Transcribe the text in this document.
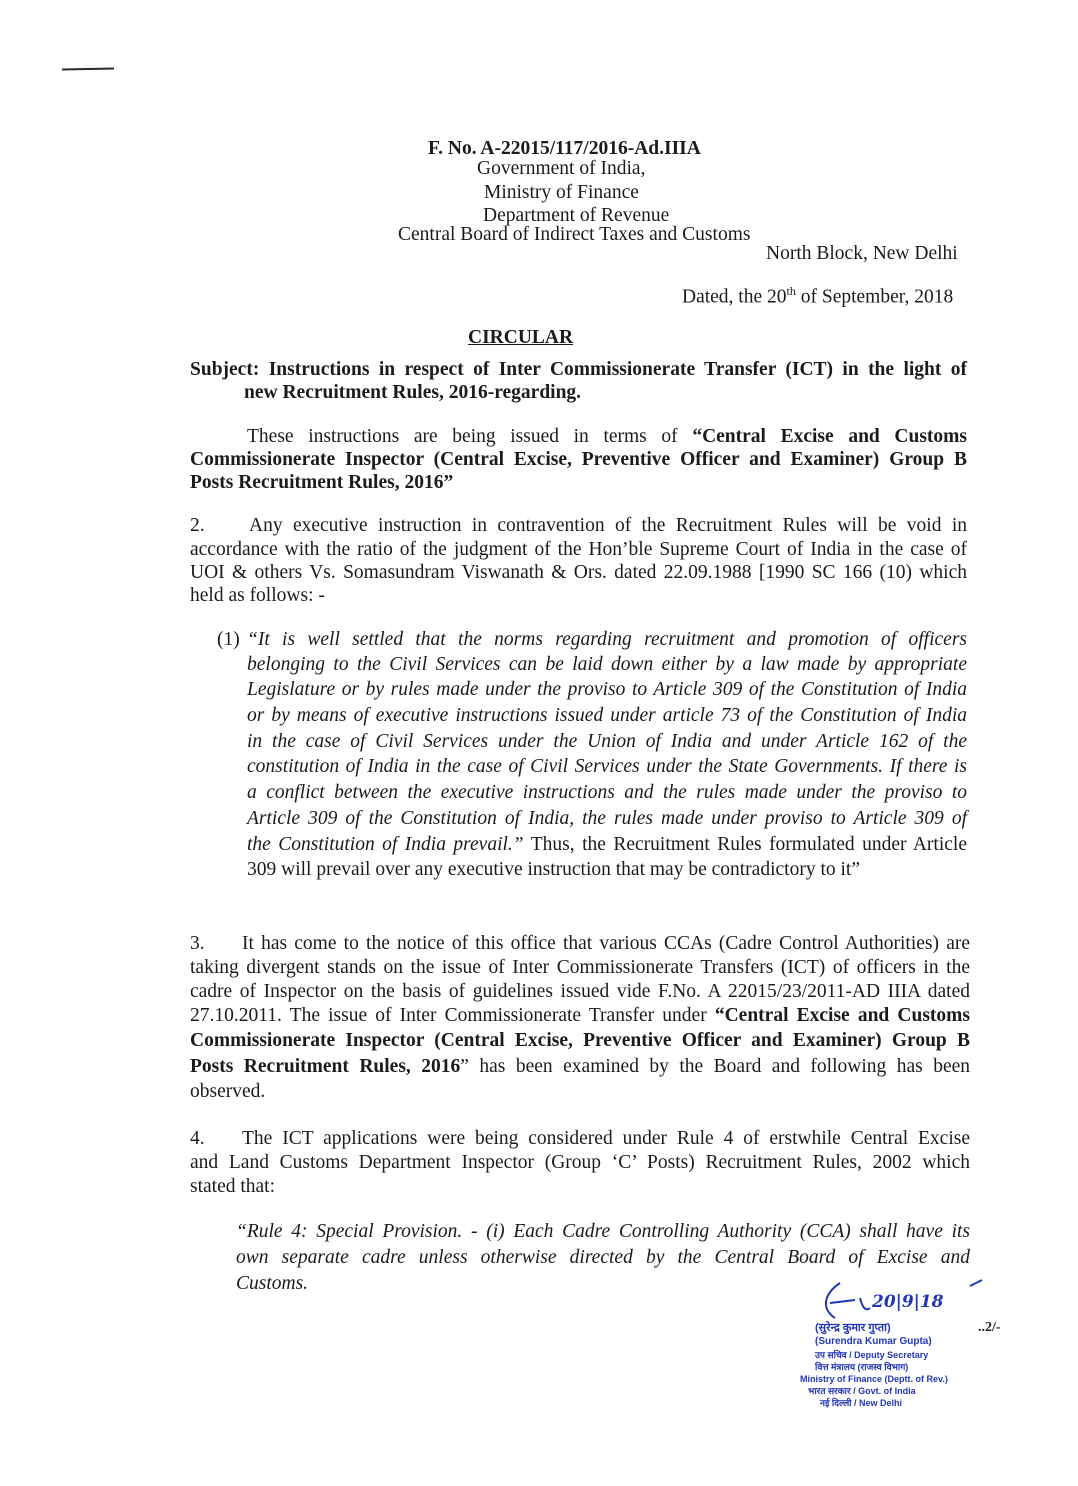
F. No. A-22015/117/2016-Ad.IIIA
Government of India,
Ministry of Finance
Department of Revenue
Central Board of Indirect Taxes and Customs
North Block, New Delhi
Dated, the 20th of September, 2018
CIRCULAR
Subject: Instructions in respect of Inter Commissionerate Transfer (ICT) in the light of
new Recruitment Rules, 2016-regarding.
These instructions are being issued in terms of “Central Excise and Customs
Commissionerate Inspector (Central Excise, Preventive Officer and Examiner) Group B
Posts Recruitment Rules, 2016”
2. Any executive instruction in contravention of the Recruitment Rules will be void in
accordance with the ratio of the judgment of the Hon’ble Supreme Court of India in the case of
UOI & others Vs. Somasundram Viswanath & Ors. dated 22.09.1988 [1990 SC 166 (10) which
held as follows: -
(1) “It is well settled that the norms regarding recruitment and promotion of officers
belonging to the Civil Services can be laid down either by a law made by appropriate
Legislature or by rules made under the proviso to Article 309 of the Constitution of India
or by means of executive instructions issued under article 73 of the Constitution of India
in the case of Civil Services under the Union of India and under Article 162 of the
constitution of India in the case of Civil Services under the State Governments. If there is
a conflict between the executive instructions and the rules made under the proviso to
Article 309 of the Constitution of India, the rules made under proviso to Article 309 of
the Constitution of India prevail.” Thus, the Recruitment Rules formulated under Article
309 will prevail over any executive instruction that may be contradictory to it”
3. It has come to the notice of this office that various CCAs (Cadre Control Authorities) are
taking divergent stands on the issue of Inter Commissionerate Transfers (ICT) of officers in the
cadre of Inspector on the basis of guidelines issued vide F.No. A 22015/23/2011-AD IIIA dated
27.10.2011. The issue of Inter Commissionerate Transfer under “Central Excise and Customs
Commissionerate Inspector (Central Excise, Preventive Officer and Examiner) Group B
Posts Recruitment Rules, 2016” has been examined by the Board and following has been
observed.
4. The ICT applications were being considered under Rule 4 of erstwhile Central Excise
and Land Customs Department Inspector (Group ‘C’ Posts) Recruitment Rules, 2002 which
stated that:
“Rule 4: Special Provision. - (i) Each Cadre Controlling Authority (CCA) shall have its
own separate cadre unless otherwise directed by the Central Board of Excise and
Customs.
20|9|18
..2/-
(सुरेन्द्र कुमार गुप्ता)
(Surendra Kumar Gupta)
उप सचिव / Deputy Secretary
वित्त मंत्रालय (राजस्व विभाग)
Ministry of Finance (Deptt. of Rev.)
भारत सरकार / Govt. of India
नई दिल्ली / New Delhi
